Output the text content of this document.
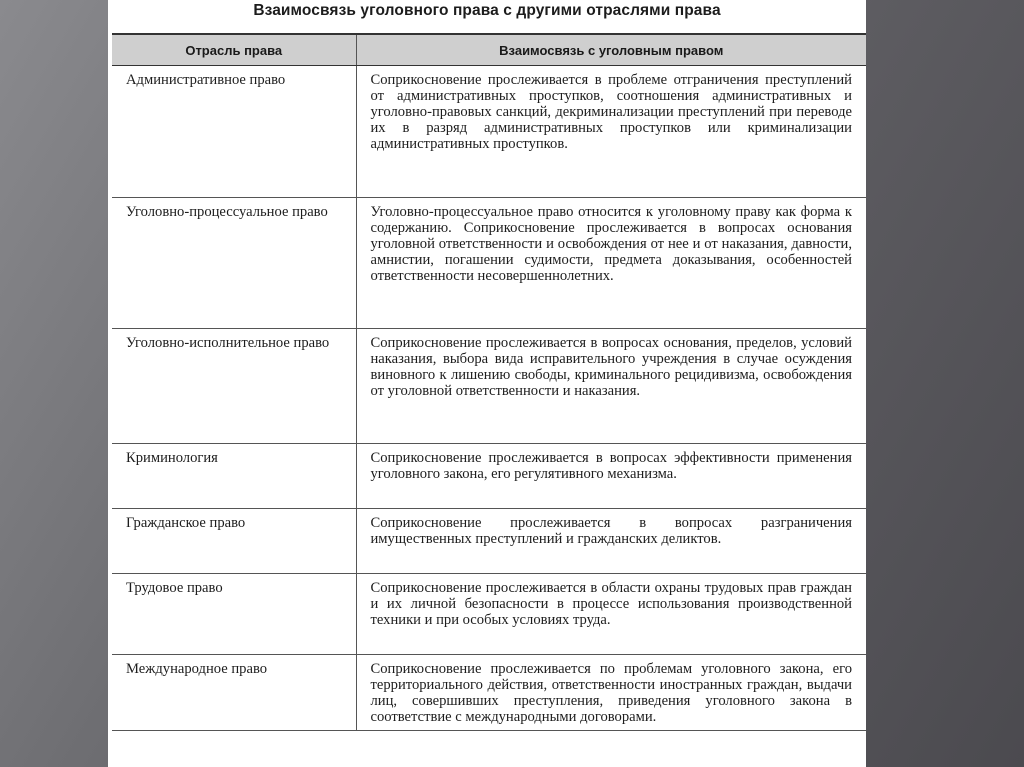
Взаимосвязь уголовного права с другими отраслями права
Отрасль права	Взаимосвязь с уголовным правом
Административное право	Соприкосновение прослеживается в проблеме отграничения преступлений от административных проступков, соотношения административных и уголовно-правовых санкций, декриминализации преступлений при переводе их в разряд административных проступков или криминализации административных проступков.
Уголовно-процессуальное право	Уголовно-процессуальное право относится к уголовному праву как форма к содержанию. Соприкосновение прослеживается в вопросах основания уголовной ответственности и освобождения от нее и от наказания, давности, амнистии, погашении судимости, предмета доказывания, особенностей ответственности несовершеннолетних.
Уголовно-исполнительное право	Соприкосновение прослеживается в вопросах основания, пределов, условий наказания, выбора вида исправительного учреждения в случае осуждения виновного к лишению свободы, криминального рецидивизма, освобождения от уголовной ответственности и наказания.
Криминология	Соприкосновение прослеживается в вопросах эффективности применения уголовного закона, его регулятивного механизма.
Гражданское право	Соприкосновение прослеживается в вопросах разграничения имущественных преступлений и гражданских деликтов.
Трудовое право	Соприкосновение прослеживается в области охраны трудовых прав граждан и их личной безопасности в процессе использования производственной техники и при особых условиях труда.
Международное право	Соприкосновение прослеживается по проблемам уголовного закона, его территориального действия, ответственности иностранных граждан, выдачи лиц, совершивших преступления, приведения уголовного закона в соответствие с международными договорами.
